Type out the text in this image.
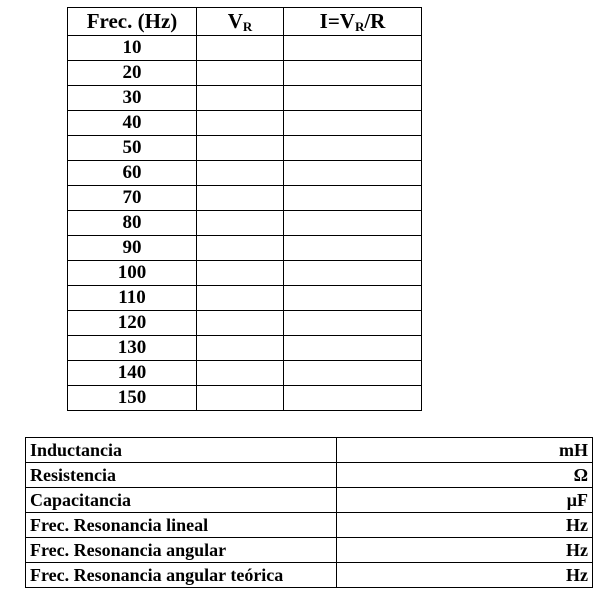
Frec. (Hz)	$V_R$	$I=V_R/R$
10		
20		
30		
40		
50		
60		
70		
80		
90		
100		
110		
120		
130		
140		
150		
Inductancia	mH
Resistencia	Ω
Capacitancia	μF
Frec. Resonancia lineal	Hz
Frec. Resonancia angular	Hz
Frec. Resonancia angular teórica	Hz
